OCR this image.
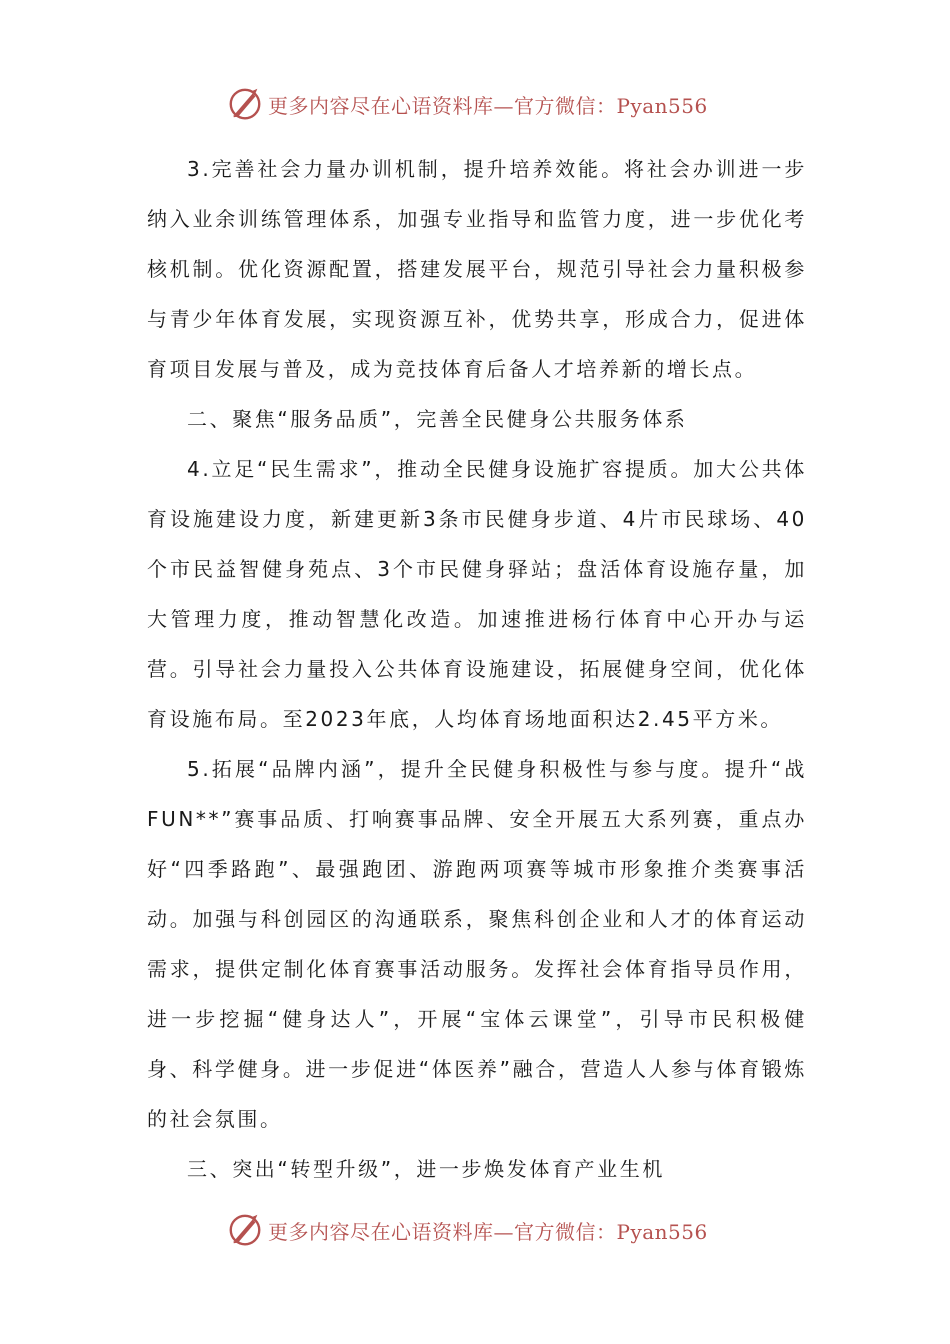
更多内容尽在心语资料库—官方微信：Pyan556

3.完善社会力量办训机制，提升培养效能。将社会办训进一步纳入业余训练管理体系，加强专业指导和监管力度，进一步优化考核机制。优化资源配置，搭建发展平台，规范引导社会力量积极参与青少年体育发展，实现资源互补，优势共享，形成合力，促进体育项目发展与普及，成为竞技体育后备人才培养新的增长点。

二、聚焦“服务品质”，完善全民健身公共服务体系

4.立足“民生需求”，推动全民健身设施扩容提质。加大公共体育设施建设力度，新建更新3条市民健身步道、4片市民球场、40个市民益智健身苑点、3个市民健身驿站；盘活体育设施存量，加大管理力度，推动智慧化改造。加速推进杨行体育中心开办与运营。引导社会力量投入公共体育设施建设，拓展健身空间，优化体育设施布局。至2023年底，人均体育场地面积达2.45平方米。

5.拓展“品牌内涵”，提升全民健身积极性与参与度。提升“战FUN**”赛事品质、打响赛事品牌、安全开展五大系列赛，重点办好“四季路跑”、最强跑团、游跑两项赛等城市形象推介类赛事活动。加强与科创园区的沟通联系，聚焦科创企业和人才的体育运动需求，提供定制化体育赛事活动服务。发挥社会体育指导员作用，进一步挖掘“健身达人”，开展“宝体云课堂”，引导市民积极健身、科学健身。进一步促进“体医养”融合，营造人人参与体育锻炼的社会氛围。

三、突出“转型升级”，进一步焕发体育产业生机

更多内容尽在心语资料库—官方微信：Pyan556
